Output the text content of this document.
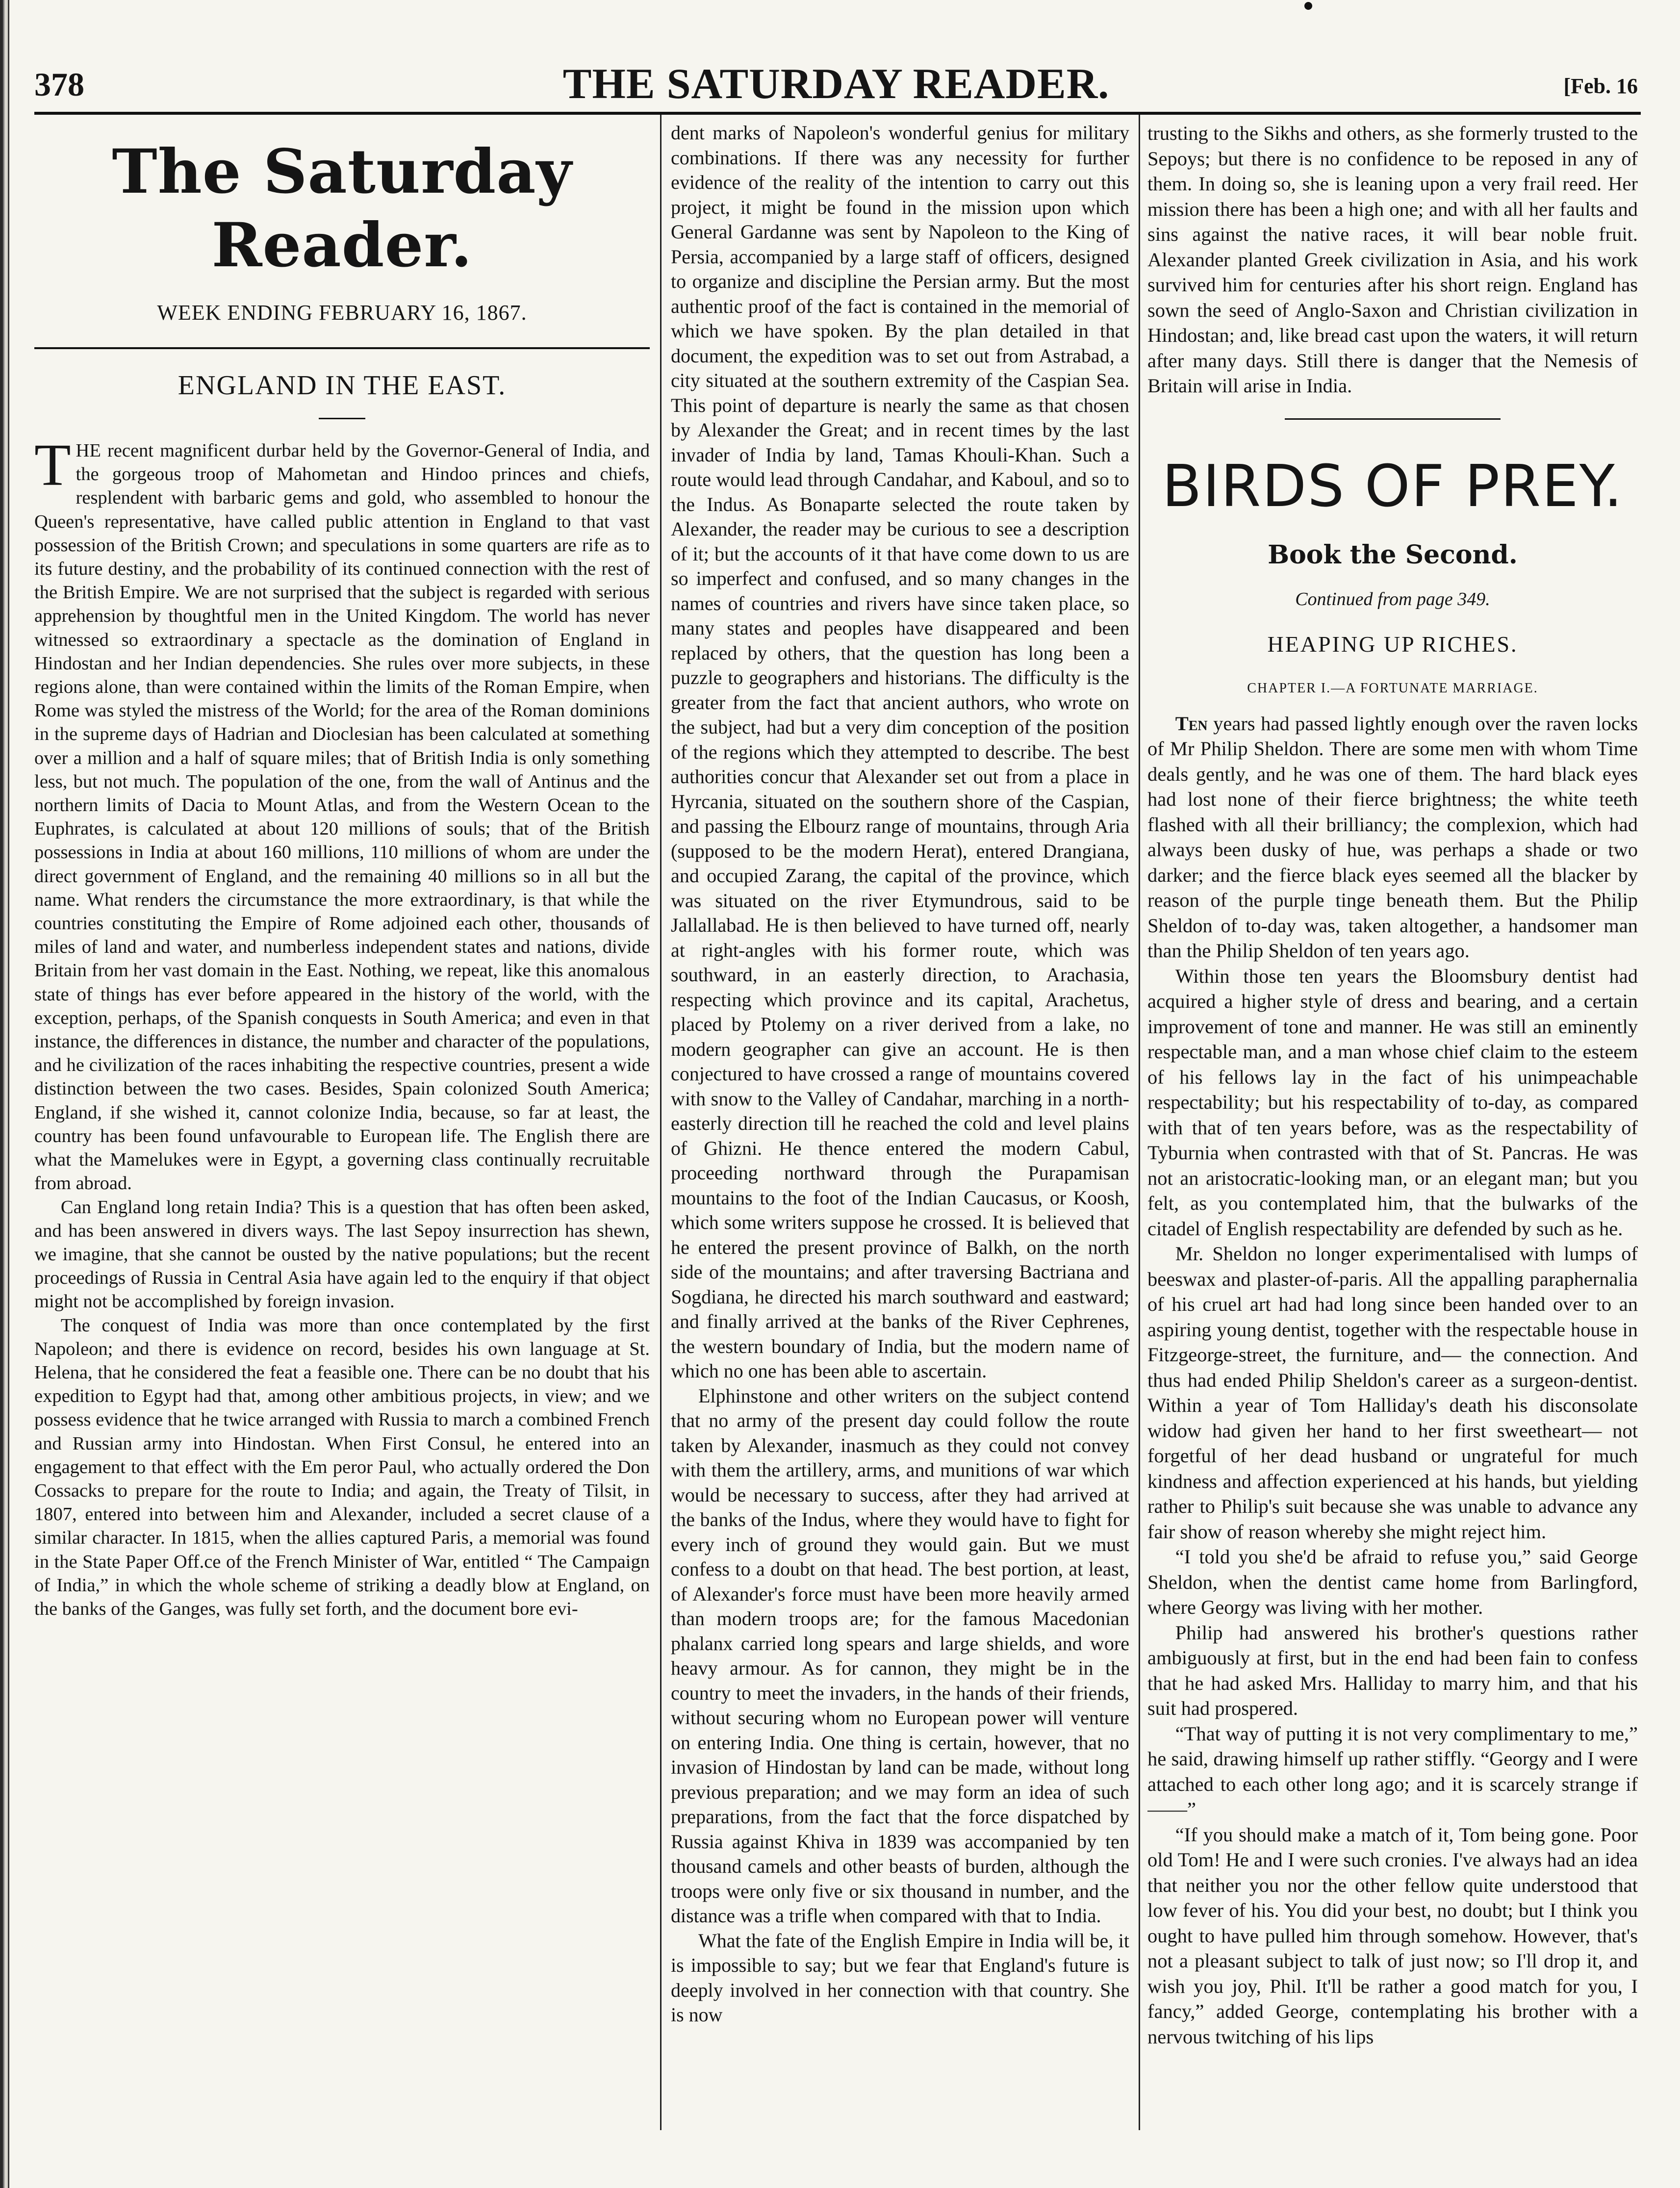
378	THE SATURDAY READER.	[Feb. 16
The Saturday Reader.
WEEK ENDING FEBRUARY 16, 1867.
ENGLAND IN THE EAST.

THE recent magnificent durbar held by the Governor-General of India, and the gorgeous troop of Mahometan and Hindoo princes and chiefs, resplendent with barbaric gems and gold, who assembled to honour the Queen's representative, have called public attention in England to that vast possession of the British Crown; and speculations in some quarters are rife as to its future destiny, and the probability of its continued connection with the rest of the British Empire. We are not surprised that the subject is regarded with serious apprehension by thoughtful men in the United Kingdom. The world has never witnessed so extraordinary a spectacle as the domination of England in Hindostan and her Indian dependencies. She rules over more subjects, in these regions alone, than were contained within the limits of the Roman Empire, when Rome was styled the mistress of the World; for the area of the Roman dominions in the supreme days of Hadrian and Dioclesian has been calculated at something over a million and a half of square miles; that of British India is only something less, but not much. The population of the one, from the wall of Antinus and the northern limits of Dacia to Mount Atlas, and from the Western Ocean to the Euphrates, is calculated at about 120 millions of souls; that of the British possessions in India at about 160 millions, 110 millions of whom are under the direct government of England, and the remaining 40 millions so in all but the name. What renders the circumstance the more extraordinary, is that while the countries constituting the Empire of Rome adjoined each other, thousands of miles of land and water, and numberless independent states and nations, divide Britain from her vast domain in the East. Nothing, we repeat, like this anomalous state of things has ever before appeared in the history of the world, with the exception, perhaps, of the Spanish conquests in South America; and even in that instance, the differences in distance, the number and character of the populations, and he civilization of the races inhabiting the respective countries, present a wide distinction between the two cases. Besides, Spain colonized South America; England, if she wished it, cannot colonize India, because, so far at least, the country has been found unfavourable to European life. The English there are what the Mamelukes were in Egypt, a governing class continually recruitable from abroad.

Can England long retain India? This is a question that has often been asked, and has been answered in divers ways. The last Sepoy insurrection has shewn, we imagine, that she cannot be ousted by the native populations; but the recent proceedings of Russia in Central Asia have again led to the enquiry if that object might not be accomplished by foreign invasion.

The conquest of India was more than once contemplated by the first Napoleon; and there is evidence on record, besides his own language at St. Helena, that he considered the feat a feasible one. There can be no doubt that his expedition to Egypt had that, among other ambitious projects, in view; and we possess evidence that he twice arranged with Russia to march a combined French and Russian army into Hindostan. When First Consul, he entered into an engagement to that effect with the Em peror Paul, who actually ordered the Don Cossacks to prepare for the route to India; and again, the Treaty of Tilsit, in 1807, entered into between him and Alexander, included a secret clause of a similar character. In 1815, when the allies captured Paris, a memorial was found in the State Paper Off.ce of the French Minister of War, entitled “ The Campaign of India,” in which the whole scheme of striking a deadly blow at England, on the banks of the Ganges, was fully set forth, and the document bore evi-

dent marks of Napoleon's wonderful genius for military combinations. If there was any necessity for further evidence of the reality of the intention to carry out this project, it might be found in the mission upon which General Gardanne was sent by Napoleon to the King of Persia, accompanied by a large staff of officers, designed to organize and discipline the Persian army. But the most authentic proof of the fact is contained in the memorial of which we have spoken. By the plan detailed in that document, the expedition was to set out from Astrabad, a city situated at the southern extremity of the Caspian Sea. This point of departure is nearly the same as that chosen by Alexander the Great; and in recent times by the last invader of India by land, Tamas Khouli-Khan. Such a route would lead through Candahar, and Kaboul, and so to the Indus. As Bonaparte selected the route taken by Alexander, the reader may be curious to see a description of it; but the accounts of it that have come down to us are so imperfect and confused, and so many changes in the names of countries and rivers have since taken place, so many states and peoples have disappeared and been replaced by others, that the question has long been a puzzle to geographers and historians. The difficulty is the greater from the fact that ancient authors, who wrote on the subject, had but a very dim conception of the position of the regions which they attempted to describe. The best authorities concur that Alexander set out from a place in Hyrcania, situated on the southern shore of the Caspian, and passing the Elbourz range of mountains, through Aria (supposed to be the modern Herat), entered Drangiana, and occupied Zarang, the capital of the province, which was situated on the river Etymundrous, said to be Jallallabad. He is then believed to have turned off, nearly at right-angles with his former route, which was southward, in an easterly direction, to Arachasia, respecting which province and its capital, Arachetus, placed by Ptolemy on a river derived from a lake, no modern geographer can give an account. He is then conjectured to have crossed a range of mountains covered with snow to the Valley of Candahar, marching in a north-easterly direction till he reached the cold and level plains of Ghizni. He thence entered the modern Cabul, proceeding northward through the Purapamisan mountains to the foot of the Indian Caucasus, or Koosh, which some writers suppose he crossed. It is believed that he entered the present province of Balkh, on the north side of the mountains; and after traversing Bactriana and Sogdiana, he directed his march southward and eastward; and finally arrived at the banks of the River Cephrenes, the western boundary of India, but the modern name of which no one has been able to ascertain.

Elphinstone and other writers on the subject contend that no army of the present day could follow the route taken by Alexander, inasmuch as they could not convey with them the artillery, arms, and munitions of war which would be necessary to success, after they had arrived at the banks of the Indus, where they would have to fight for every inch of ground they would gain. But we must confess to a doubt on that head. The best portion, at least, of Alexander's force must have been more heavily armed than modern troops are; for the famous Macedonian phalanx carried long spears and large shields, and wore heavy armour. As for cannon, they might be in the country to meet the invaders, in the hands of their friends, without securing whom no European power will venture on entering India. One thing is certain, however, that no invasion of Hindostan by land can be made, without long previous preparation; and we may form an idea of such preparations, from the fact that the force dispatched by Russia against Khiva in 1839 was accompanied by ten thousand camels and other beasts of burden, although the troops were only five or six thousand in number, and the distance was a trifle when compared with that to India.

What the fate of the English Empire in India will be, it is impossible to say; but we fear that England's future is deeply involved in her connection with that country. She is now

trusting to the Sikhs and others, as she formerly trusted to the Sepoys; but there is no confidence to be reposed in any of them. In doing so, she is leaning upon a very frail reed. Her mission there has been a high one; and with all her faults and sins against the native races, it will bear noble fruit. Alexander planted Greek civilization in Asia, and his work survived him for centuries after his short reign. England has sown the seed of Anglo-Saxon and Christian civilization in Hindostan; and, like bread cast upon the waters, it will return after many days. Still there is danger that the Nemesis of Britain will arise in India.

BIRDS OF PREY.
Book the Second.
Continued from page 349.
HEAPING UP RICHES.
CHAPTER I.—A FORTUNATE MARRIAGE.

Ten years had passed lightly enough over the raven locks of Mr Philip Sheldon. There are some men with whom Time deals gently, and he was one of them. The hard black eyes had lost none of their fierce brightness; the white teeth flashed with all their brilliancy; the complexion, which had always been dusky of hue, was perhaps a shade or two darker; and the fierce black eyes seemed all the blacker by reason of the purple tinge beneath them. But the Philip Sheldon of to-day was, taken altogether, a handsomer man than the Philip Sheldon of ten years ago.

Within those ten years the Bloomsbury dentist had acquired a higher style of dress and bearing, and a certain improvement of tone and manner. He was still an eminently respectable man, and a man whose chief claim to the esteem of his fellows lay in the fact of his unimpeachable respectability; but his respectability of to-day, as compared with that of ten years before, was as the respectability of Tyburnia when contrasted with that of St. Pancras. He was not an aristocratic-looking man, or an elegant man; but you felt, as you contemplated him, that the bulwarks of the citadel of English respectability are defended by such as he.

Mr. Sheldon no longer experimentalised with lumps of beeswax and plaster-of-paris. All the appalling paraphernalia of his cruel art had had long since been handed over to an aspiring young dentist, together with the respectable house in Fitzgeorge-street, the furniture, and— the connection. And thus had ended Philip Sheldon's career as a surgeon-dentist. Within a year of Tom Halliday's death his disconsolate widow had given her hand to her first sweetheart— not forgetful of her dead husband or ungrateful for much kindness and affection experienced at his hands, but yielding rather to Philip's suit because she was unable to advance any fair show of reason whereby she might reject him.

“I told you she'd be afraid to refuse you,” said George Sheldon, when the dentist came home from Barlingford, where Georgy was living with her mother.

Philip had answered his brother's questions rather ambiguously at first, but in the end had been fain to confess that he had asked Mrs. Halliday to marry him, and that his suit had prospered.

“That way of putting it is not very complimentary to me,” he said, drawing himself up rather stiffly. “Georgy and I were attached to each other long ago; and it is scarcely strange if——”

“If you should make a match of it, Tom being gone. Poor old Tom! He and I were such cronies. I've always had an idea that neither you nor the other fellow quite understood that low fever of his. You did your best, no doubt; but I think you ought to have pulled him through somehow. However, that's not a pleasant subject to talk of just now; so I'll drop it, and wish you joy, Phil. It'll be rather a good match for you, I fancy,” added George, contemplating his brother with a nervous twitching of his lips
